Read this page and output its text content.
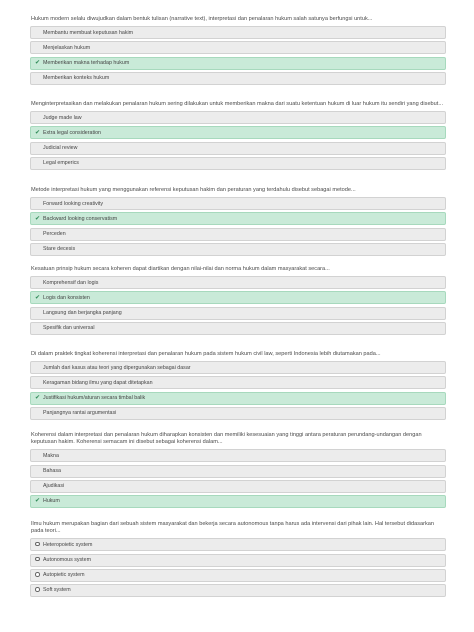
Hukum modern selalu diwujudkan dalam bentuk tulisan (narrative text), interpretasi dan penalaran hukum salah satunya berfungsi untuk...

Membantu membuat keputusan hakim
Menjelaskan hukum
✔ Memberikan makna terhadap hukum
Memberikan konteks hukum

Menginterpretasikan dan melakukan penalaran hukum sering dilakukan untuk memberikan makna dari suatu ketentuan hukum di luar hukum itu sendiri yang disebut...

Judge made law
✔ Extra legal consideration
Judicial review
Legal emperics

Metode interpretasi hukum yang menggunakan referensi keputusan hakim dan peraturan yang terdahulu disebut sebagai metode...

Forward looking creativity
✔ Backward looking conservatism
Perceden
Stare decesis

Kesatuan prinsip hukum secara koheren dapat diartikan dengan nilai-nilai dan norma hukum dalam masyarakat secara...

Komprehensif dan logis
✔ Logis dan konsisten
Langsung dan berjangka panjang
Spesifik dan universal

Di dalam praktek tingkat koherensi interpretasi dan penalaran hukum pada sistem hukum civil law, seperti Indonesia lebih diutamakan pada...

Jumlah dari kasus atau teori yang dipergunakan sebagai dasar
Keragaman bidang ilmu yang dapat ditetapkan
✔ Justifikasi hukum/aturan secara timbal balik
Panjangnya rantai argumentasi

Koherensi dalam interpretasi dan penalaran hukum diharapkan konsisten dan memiliki kesesuaian yang tinggi antara peraturan perundang-undangan dengan keputusan hakim. Koherensi semacam ini disebut sebagai koherensi dalam...

Makna
Bahasa
Ajudikasi
✔ Hukum

Ilmu hukum merupakan bagian dari sebuah sistem masyarakat dan bekerja secara autonomous tanpa harus ada intervensi dari pihak lain. Hal tersebut didasarkan pada teori...

Heteropoietic system
Autonomous system
Autopietic system
Soft system
